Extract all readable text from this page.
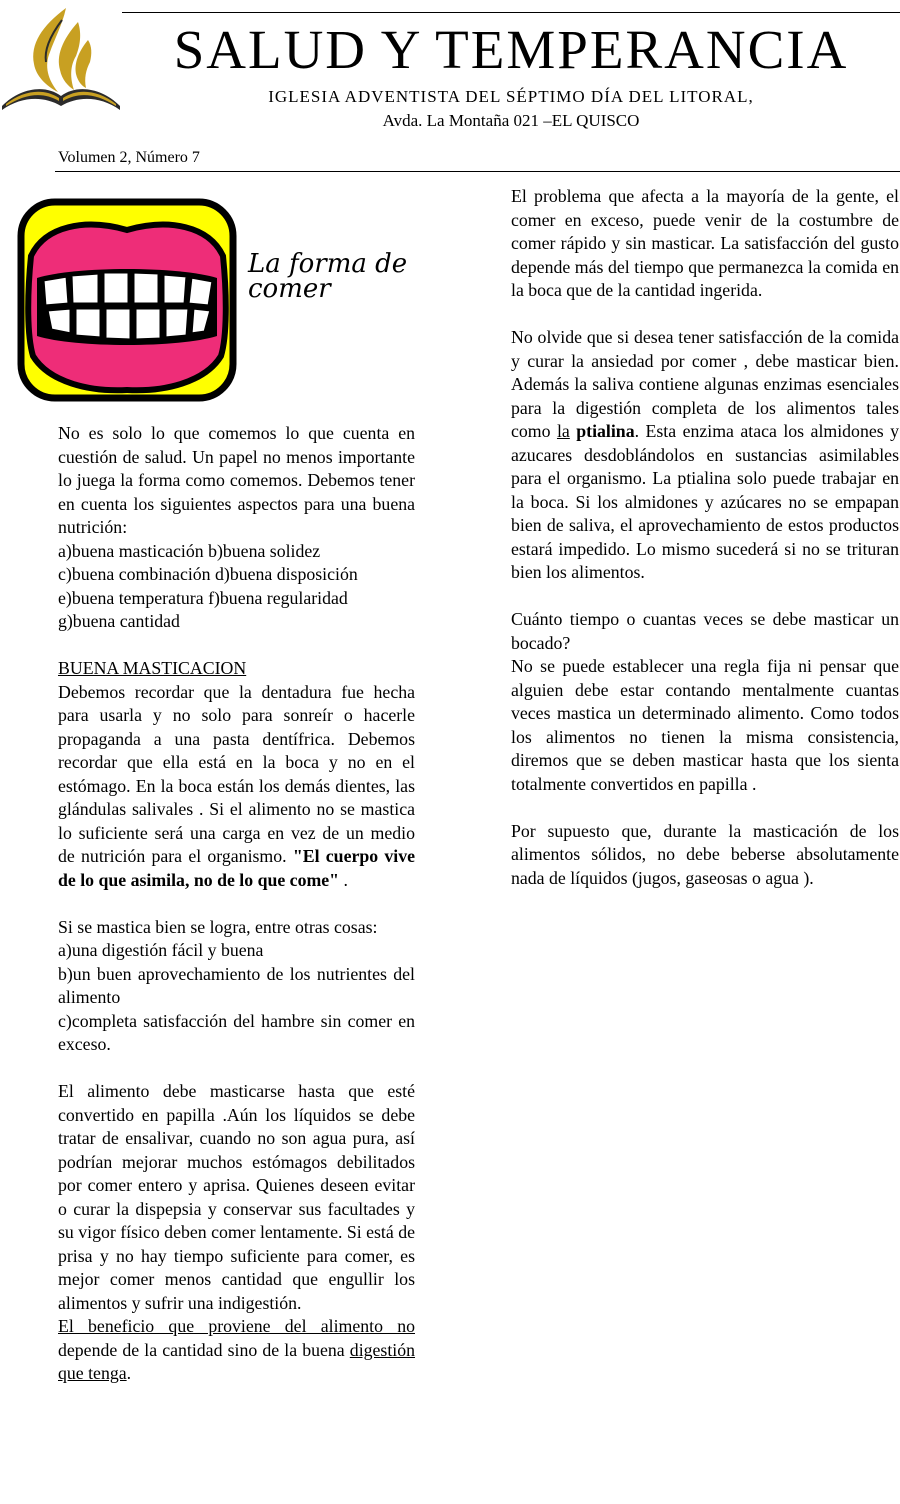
SALUD Y TEMPERANCIA
IGLESIA ADVENTISTA DEL SÉPTIMO DÍA DEL LITORAL,
Avda. La Montaña 021 –EL QUISCO
Volumen 2, Número 7
La forma de
comer

No es solo lo que comemos lo que cuenta en cuestión de salud. Un papel no menos importante lo juega la forma como comemos. Debemos tener en cuenta los siguientes aspectos para una buena nutrición:

a)buena masticación b)buena solidez
c)buena combinación d)buena disposición
e)buena temperatura f)buena regularidad
g)buena cantidad

BUENA MASTICACION

Debemos recordar que la dentadura fue hecha para usarla y no solo para sonreír o hacerle propaganda a una pasta dentífrica. Debemos recordar que ella está en la boca y no en el estómago. En la boca están los demás dientes, las glándulas salivales . Si el alimento no se mastica lo suficiente será una carga en vez de un medio de nutrición para el organismo. "El cuerpo vive de lo que asimila, no de lo que come" .

Si se mastica bien se logra, entre otras cosas:

a)una digestión fácil y buena

b)un buen aprovechamiento de los nutrientes del alimento

c)completa satisfacción del hambre sin comer en exceso.

El alimento debe masticarse hasta que esté convertido en papilla .Aún los líquidos se debe tratar de ensalivar, cuando no son agua pura, así podrían mejorar muchos estómagos debilitados por comer entero y aprisa. Quienes deseen evitar o curar la dispepsia y conservar sus facultades y su vigor físico deben comer lentamente. Si está de prisa y no hay tiempo suficiente para comer, es mejor comer menos cantidad que engullir los alimentos y sufrir una indigestión.

El beneficio que proviene del alimento no depende de la cantidad sino de la buena digestión que tenga.

El problema que afecta a la mayoría de la gente, el comer en exceso, puede venir de la costumbre de comer rápido y sin masticar. La satisfacción del gusto depende más del tiempo que permanezca la comida en la boca que de la cantidad ingerida.

No olvide que si desea tener satisfacción de la comida y curar la ansiedad por comer , debe masticar bien. Además la saliva contiene algunas enzimas esenciales para la digestión completa de los alimentos tales como la ptialina. Esta enzima ataca los almidones y azucares desdoblándolos en sustancias asimilables para el organismo. La ptialina solo puede trabajar en la boca. Si los almidones y azúcares no se empapan bien de saliva, el aprovechamiento de estos productos estará impedido. Lo mismo sucederá si no se trituran bien los alimentos.

Cuánto tiempo o cuantas veces se debe masticar un bocado?

No se puede establecer una regla fija ni pensar que alguien debe estar contando mentalmente cuantas veces mastica un determinado alimento. Como todos los alimentos no tienen la misma consistencia, diremos que se deben masticar hasta que los sienta totalmente convertidos en papilla .

Por supuesto que, durante la masticación de los alimentos sólidos, no debe beberse absolutamente nada de líquidos (jugos, gaseosas o agua ).
